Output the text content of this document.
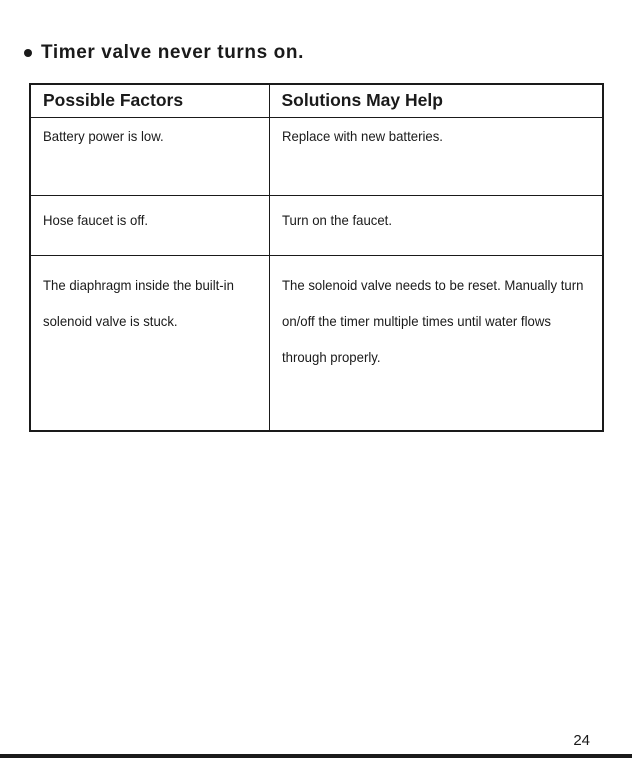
Timer valve never turns on.
Possible Factors	Solutions May Help

Battery power is low.	Replace with new batteries.

Hose faucet is off.	Turn on the faucet.

The diaphragm inside the built-in solenoid valve is stuck.	The solenoid valve needs to be reset. Manually turn on/off the timer multiple times until water flows through properly.
24
